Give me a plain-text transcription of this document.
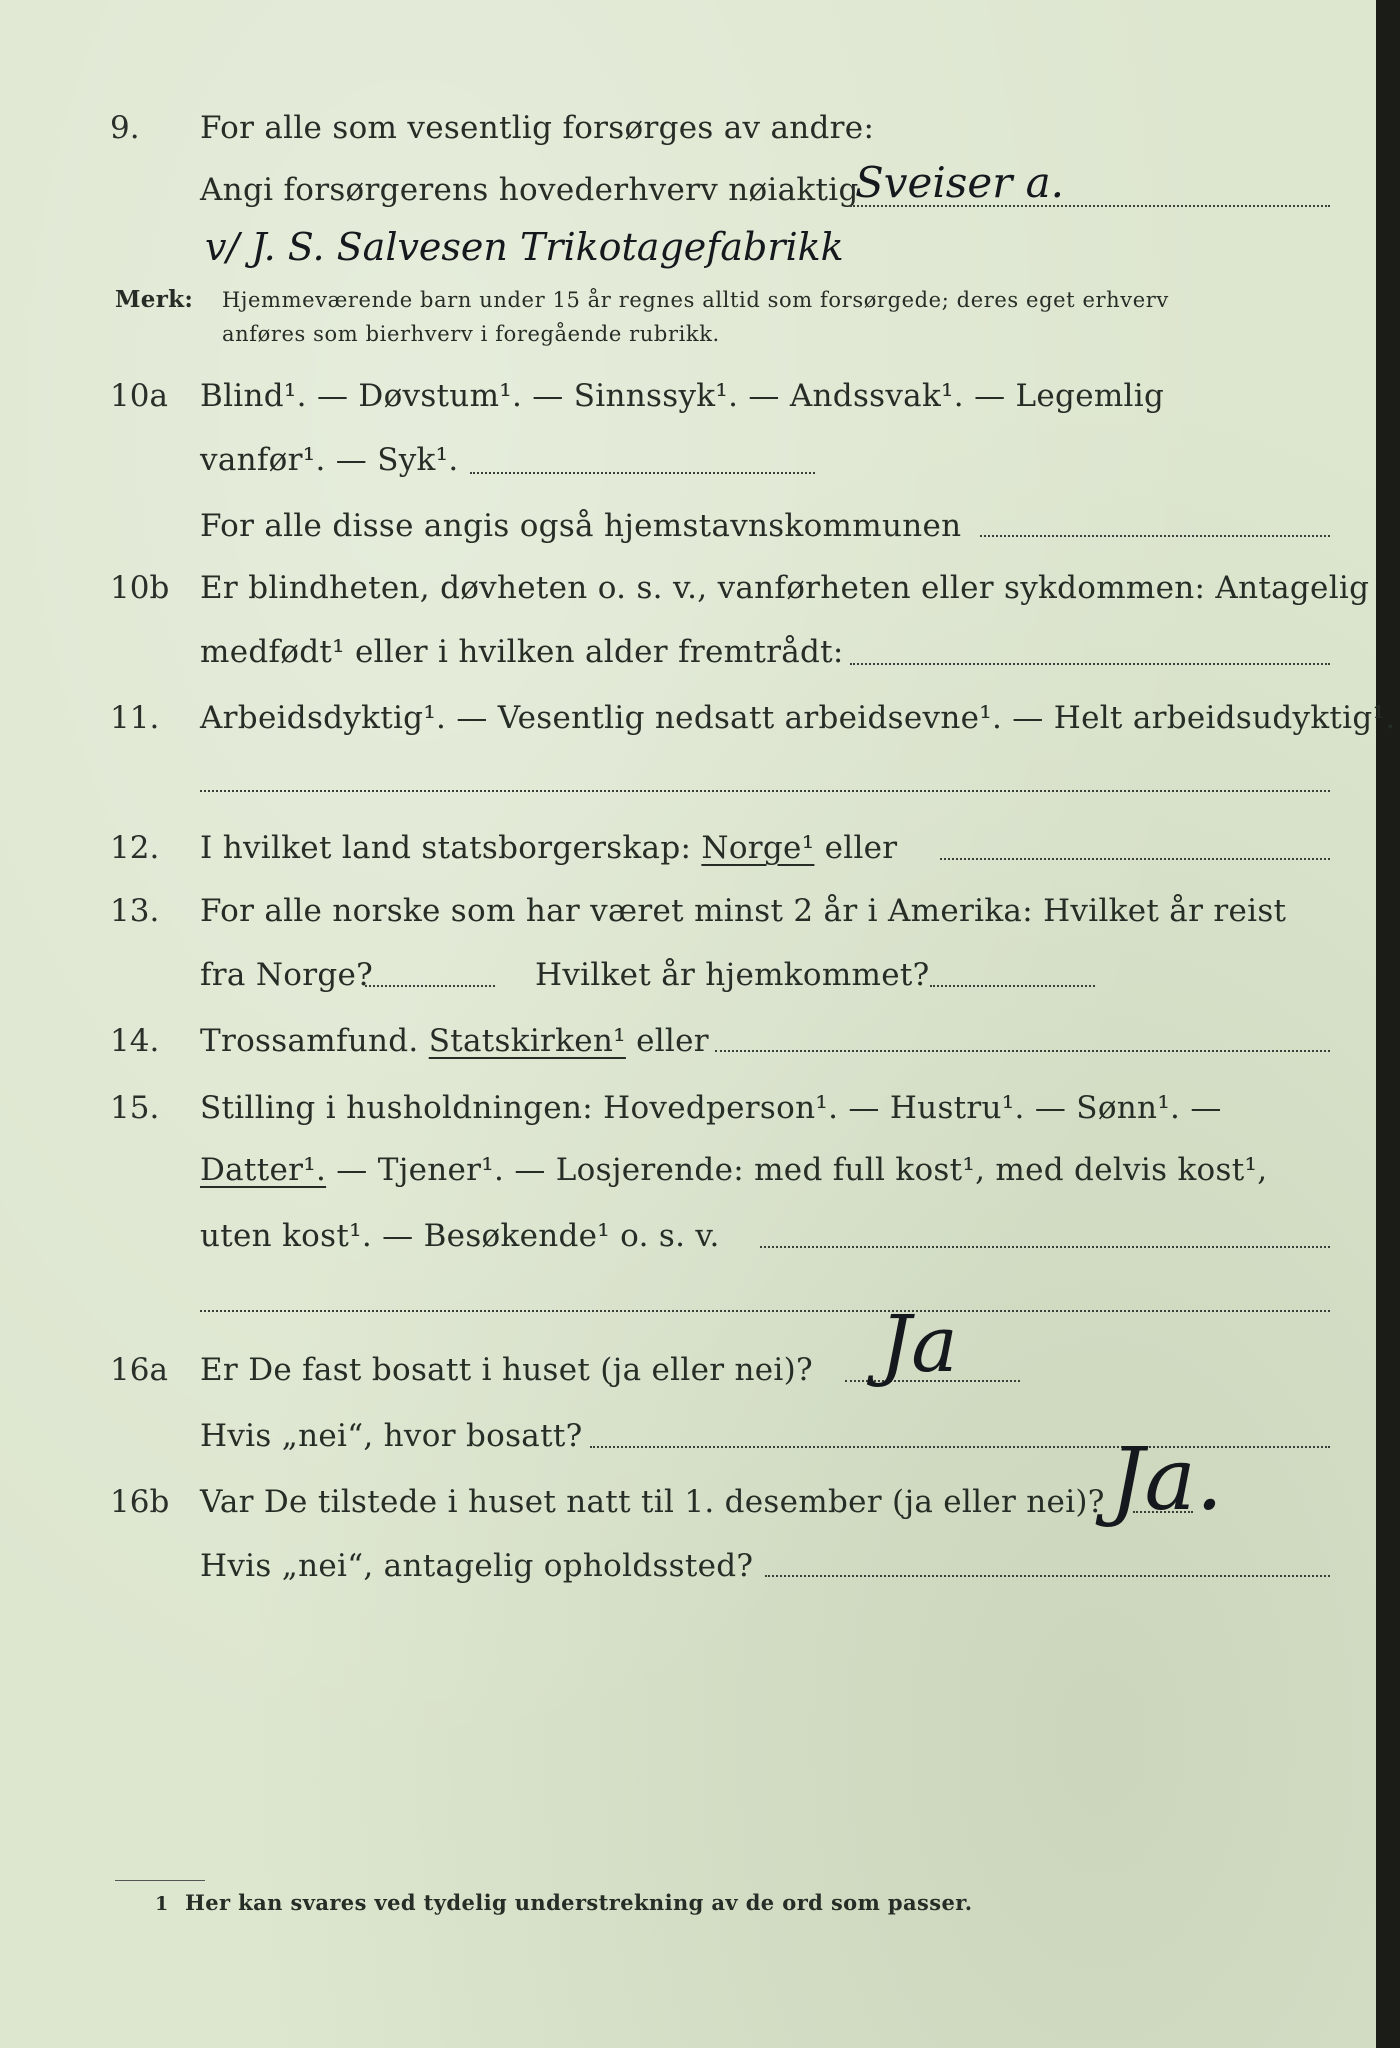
9. For alle som vesentlig forsørges av andre:
Angi forsørgerens hovederhverv nøiaktig
Sveiser a.
v/ J. S. Salvesen Trikotagefabrikk
Merk: Hjemmeværende barn under 15 år regnes alltid som forsørgede; deres eget erhverv
anføres som bierhverv i foregående rubrikk.
10a Blind¹. — Døvstum¹. — Sinnssyk¹. — Andssvak¹. — Legemlig
vanfør¹. — Syk¹.
For alle disse angis også hjemstavnskommunen
10b Er blindheten, døvheten o. s. v., vanførheten eller sykdommen: Antagelig
medfødt¹ eller i hvilken alder fremtrådt:
11. Arbeidsdyktig¹. — Vesentlig nedsatt arbeidsevne¹. — Helt arbeidsudyktig¹.
12. I hvilket land statsborgerskap: Norge¹ eller
13. For alle norske som har været minst 2 år i Amerika: Hvilket år reist
fra Norge?	Hvilket år hjemkommet?
14. Trossamfund. Statskirken¹ eller
15. Stilling i husholdningen: Hovedperson¹. — Hustru¹. — Sønn¹. —
Datter¹. — Tjener¹. — Losjerende: med full kost¹, med delvis kost¹,
uten kost¹. — Besøkende¹ o. s. v.
16a Er De fast bosatt i huset (ja eller nei)? Ja
Hvis „nei“, hvor bosatt?
16b Var De tilstede i huset natt til 1. desember (ja eller nei)? Ja.
Hvis „nei“, antagelig opholdssted?
1 Her kan svares ved tydelig understrekning av de ord som passer.
